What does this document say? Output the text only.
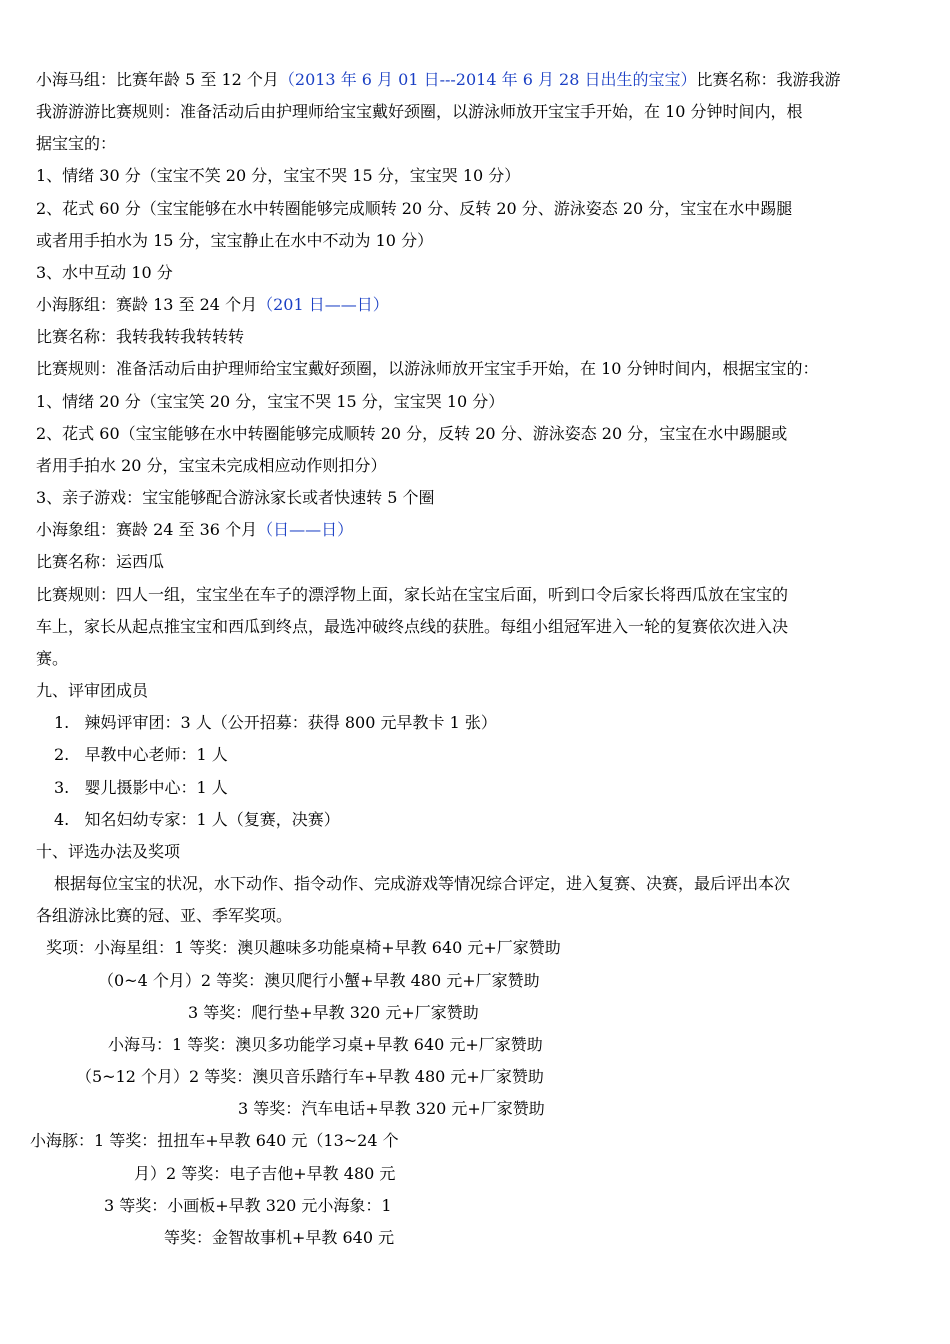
小海马组：比赛年龄 5 至 12 个月（2013 年 6 月 01 日---2014 年 6 月 28 日出生的宝宝）比赛名称：我游我游
我游游游比赛规则：准备活动后由护理师给宝宝戴好颈圈，以游泳师放开宝宝手开始，在 10 分钟时间内，根
据宝宝的：
1、情绪 30 分（宝宝不笑 20 分，宝宝不哭 15 分，宝宝哭 10 分）
2、花式 60 分（宝宝能够在水中转圈能够完成顺转 20 分、反转 20 分、游泳姿态 20 分，宝宝在水中踢腿
或者用手拍水为 15 分，宝宝静止在水中不动为 10 分）
3、水中互动 10 分
小海豚组：赛龄 13 至 24 个月（201 日——日）
比赛名称：我转我转我转转转
比赛规则：准备活动后由护理师给宝宝戴好颈圈，以游泳师放开宝宝手开始，在 10 分钟时间内，根据宝宝的：
1、情绪 20 分（宝宝笑 20 分，宝宝不哭 15 分，宝宝哭 10 分）
2、花式 60（宝宝能够在水中转圈能够完成顺转 20 分，反转 20 分、游泳姿态 20 分，宝宝在水中踢腿或
者用手拍水 20 分，宝宝未完成相应动作则扣分）
3、亲子游戏：宝宝能够配合游泳家长或者快速转 5 个圈
小海象组：赛龄 24 至 36 个月（日——日）
比赛名称：运西瓜
比赛规则：四人一组，宝宝坐在车子的漂浮物上面，家长站在宝宝后面，听到口令后家长将西瓜放在宝宝的
车上，家长从起点推宝宝和西瓜到终点，最选冲破终点线的获胜。每组小组冠军进入一轮的复赛依次进入决
赛。
九、评审团成员
1.   辣妈评审团：3 人（公开招募：获得 800 元早教卡 1 张）
2.   早教中心老师：1 人
3.   婴儿摄影中心：1 人
4.   知名妇幼专家：1 人（复赛，决赛）
十、评选办法及奖项
根据每位宝宝的状况，水下动作、指令动作、完成游戏等情况综合评定，进入复赛、决赛，最后评出本次
各组游泳比赛的冠、亚、季军奖项。
奖项：小海星组：1 等奖：澳贝趣味多功能桌椅+早教 640 元+厂家赞助
（0~4 个月）2 等奖：澳贝爬行小蟹+早教 480 元+厂家赞助
3 等奖：爬行垫+早教 320 元+厂家赞助
小海马：1 等奖：澳贝多功能学习桌+早教 640 元+厂家赞助
（5~12 个月）2 等奖：澳贝音乐踏行车+早教 480 元+厂家赞助
3 等奖：汽车电话+早教 320 元+厂家赞助
小海豚：1 等奖：扭扭车+早教 640 元（13~24 个
月）2 等奖：电子吉他+早教 480 元
3 等奖：小画板+早教 320 元小海象：1
等奖：金智故事机+早教 640 元
